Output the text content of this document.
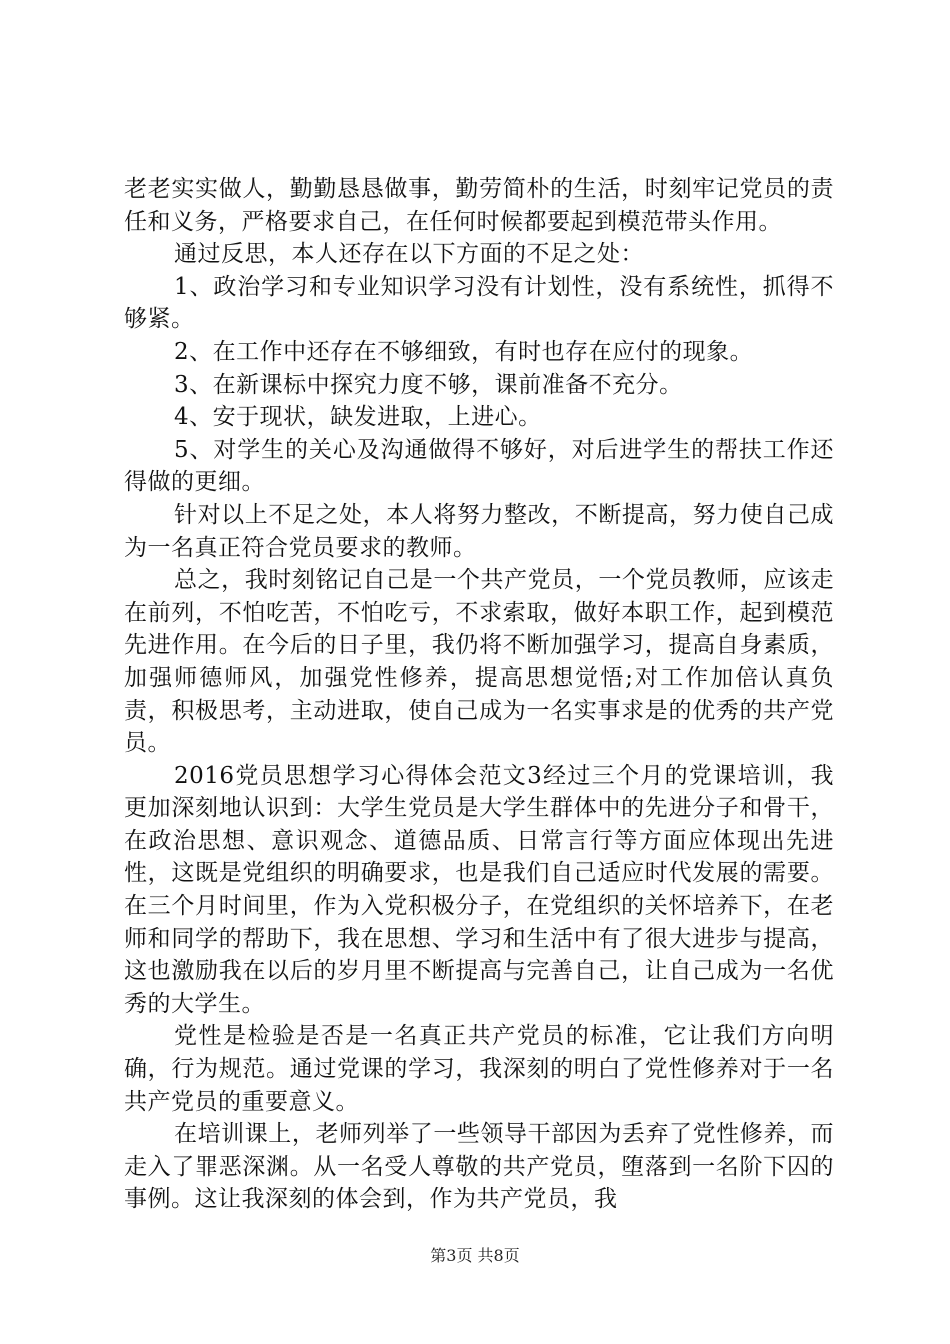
老老实实做人，勤勤恳恳做事，勤劳简朴的生活，时刻牢记党员的责任和义务，严格要求自己，在任何时候都要起到模范带头作用。

通过反思，本人还存在以下方面的不足之处：

1、政治学习和专业知识学习没有计划性，没有系统性，抓得不够紧。

2、在工作中还存在不够细致，有时也存在应付的现象。

3、在新课标中探究力度不够，课前准备不充分。

4、安于现状，缺发进取，上进心。

5、对学生的关心及沟通做得不够好，对后进学生的帮扶工作还得做的更细。

针对以上不足之处，本人将努力整改，不断提高，努力使自己成为一名真正符合党员要求的教师。

总之，我时刻铭记自己是一个共产党员，一个党员教师，应该走在前列，不怕吃苦，不怕吃亏，不求索取，做好本职工作，起到模范先进作用。在今后的日子里，我仍将不断加强学习，提高自身素质，加强师德师风，加强党性修养，提高思想觉悟;对工作加倍认真负责，积极思考，主动进取，使自己成为一名实事求是的优秀的共产党员。

2016党员思想学习心得体会范文3经过三个月的党课培训，我更加深刻地认识到：大学生党员是大学生群体中的先进分子和骨干，在政治思想、意识观念、道德品质、日常言行等方面应体现出先进性，这既是党组织的明确要求，也是我们自己适应时代发展的需要。在三个月时间里，作为入党积极分子，在党组织的关怀培养下，在老师和同学的帮助下，我在思想、学习和生活中有了很大进步与提高，这也激励我在以后的岁月里不断提高与完善自己，让自己成为一名优秀的大学生。

党性是检验是否是一名真正共产党员的标准，它让我们方向明确，行为规范。通过党课的学习，我深刻的明白了党性修养对于一名共产党员的重要意义。

在培训课上，老师列举了一些领导干部因为丢弃了党性修养，而走入了罪恶深渊。从一名受人尊敬的共产党员，堕落到一名阶下囚的事例。这让我深刻的体会到，作为共产党员，我

第3页 共8页
